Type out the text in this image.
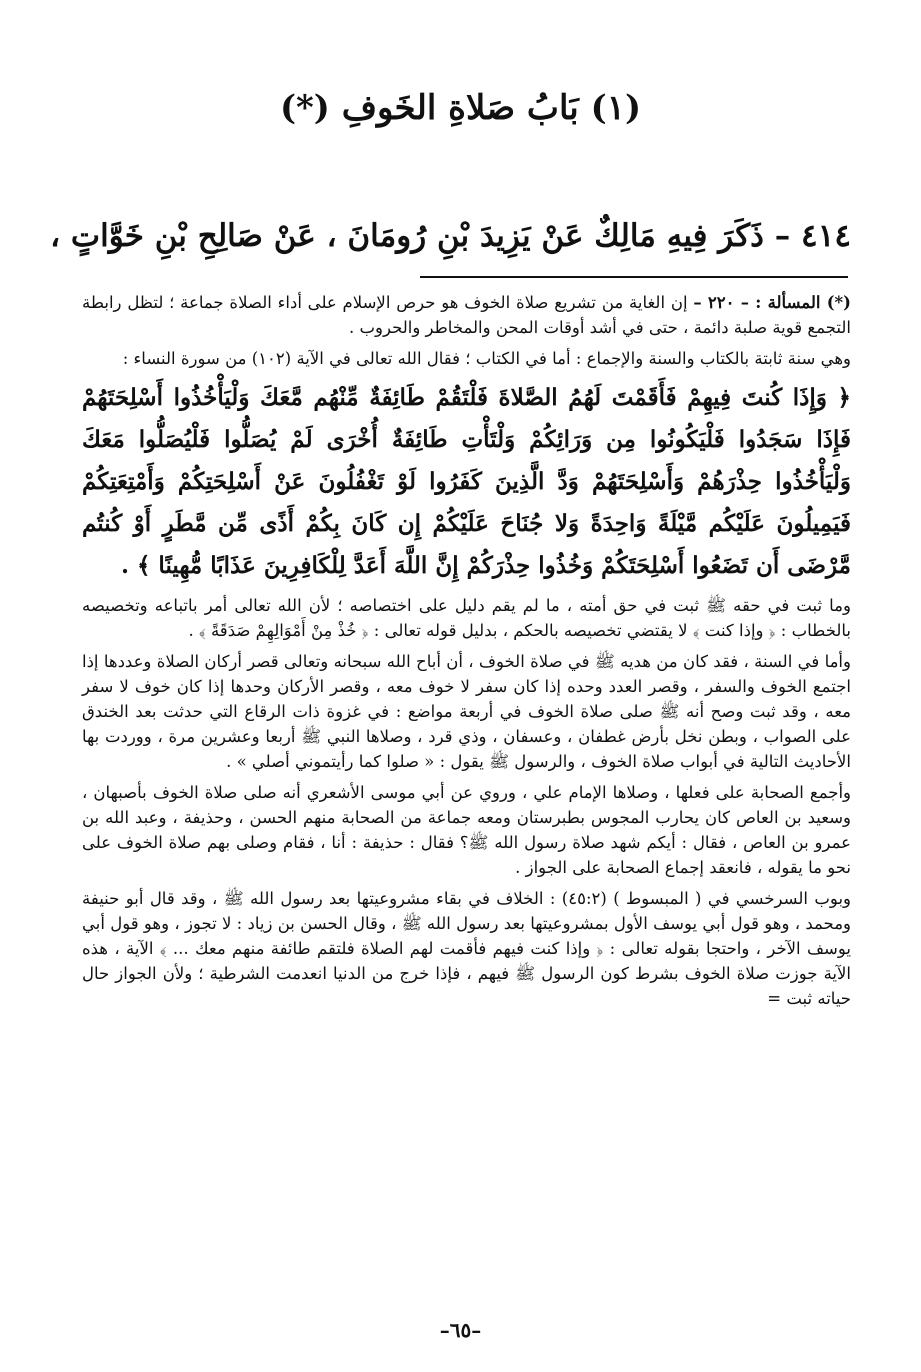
(١) بَابُ صَلاةِ الخَوفِ (*)
٤١٤ – ذَكَرَ فِيهِ مَالِكٌ عَنْ يَزِيدَ بْنِ رُومَانَ ، عَنْ صَالِحِ بْنِ خَوَّاتٍ ،

(*) المسألة : – ٢٢٠ – إن الغاية من تشريع صلاة الخوف هو حرص الإسلام على أداء الصلاة جماعة ؛ لتظل رابطة التجمع قوية صلبة دائمة ، حتى في أشد أوقات المحن والمخاطر والحروب .

وهي سنة ثابتة بالكتاب والسنة والإجماع : أما في الكتاب ؛ فقال الله تعالى في الآية (١٠٢) من سورة النساء :

﴿ وَإِذَا كُنتَ فِيهِمْ فَأَقَمْتَ لَهُمُ الصَّلاةَ فَلْتَقُمْ طَائِفَةٌ مِّنْهُم مَّعَكَ وَلْيَأْخُذُوا أَسْلِحَتَهُمْ فَإِذَا سَجَدُوا فَلْيَكُونُوا مِن وَرَائِكُمْ وَلْتَأْتِ طَائِفَةٌ أُخْرَى لَمْ يُصَلُّوا فَلْيُصَلُّوا مَعَكَ وَلْيَأْخُذُوا حِذْرَهُمْ وَأَسْلِحَتَهُمْ وَدَّ الَّذِينَ كَفَرُوا لَوْ تَغْفُلُونَ عَنْ أَسْلِحَتِكُمْ وَأَمْتِعَتِكُمْ فَيَمِيلُونَ عَلَيْكُم مَّيْلَةً وَاحِدَةً وَلا جُنَاحَ عَلَيْكُمْ إِن كَانَ بِكُمْ أَذًى مِّن مَّطَرٍ أَوْ كُنتُم مَّرْضَى أَن تَضَعُوا أَسْلِحَتَكُمْ وَخُذُوا حِذْرَكُمْ إِنَّ اللَّهَ أَعَدَّ لِلْكَافِرِينَ عَذَابًا مُّهِينًا ﴾ .

وما ثبت في حقه ﷺ ثبت في حق أمته ، ما لم يقم دليل على اختصاصه ؛ لأن الله تعالى أمر باتباعه وتخصيصه بالخطاب : ﴿ وإذا كنت ﴾ لا يقتضي تخصيصه بالحكم ، بدليل قوله تعالى : ﴿ خُذْ مِنْ أَمْوَالِهِمْ صَدَقَةً ﴾ .

وأما في السنة ، فقد كان من هديه ﷺ في صلاة الخوف ، أن أباح الله سبحانه وتعالى قصر أركان الصلاة وعددها إذا اجتمع الخوف والسفر ، وقصر العدد وحده إذا كان سفر لا خوف معه ، وقصر الأركان وحدها إذا كان خوف لا سفر معه ، وقد ثبت وصح أنه ﷺ صلى صلاة الخوف في أربعة مواضع : في غزوة ذات الرقاع التي حدثت بعد الخندق على الصواب ، وبطن نخل بأرض غطفان ، وعسفان ، وذي قرد ، وصلاها النبي ﷺ أربعا وعشرين مرة ، ووردت بها الأحاديث التالية في أبواب صلاة الخوف ، والرسول ﷺ يقول : « صلوا كما رأيتموني أصلي » .

وأجمع الصحابة على فعلها ، وصلاها الإمام علي ، وروي عن أبي موسى الأشعري أنه صلى صلاة الخوف بأصبهان ، وسعيد بن العاص كان يحارب المجوس بطبرستان ومعه جماعة من الصحابة منهم الحسن ، وحذيفة ، وعبد الله بن عمرو بن العاص ، فقال : أيكم شهد صلاة رسول الله ﷺ؟ فقال : حذيفة : أنا ، فقام وصلى بهم صلاة الخوف على نحو ما يقوله ، فانعقد إجماع الصحابة على الجواز .

وبوب السرخسي في ( المبسوط ) (٤٥:٢) : الخلاف في بقاء مشروعيتها بعد رسول الله ﷺ ، وقد قال أبو حنيفة ومحمد ، وهو قول أبي يوسف الأول بمشروعيتها بعد رسول الله ﷺ ، وقال الحسن بن زياد : لا تجوز ، وهو قول أبي يوسف الآخر ، واحتجا بقوله تعالى : ﴿ وإذا كنت فيهم فأقمت لهم الصلاة فلتقم طائفة منهم معك ... ﴾ الآية ، هذه الآية جوزت صلاة الخوف بشرط كون الرسول ﷺ فيهم ، فإذا خرج من الدنيا انعدمت الشرطية ؛ ولأن الجواز حال حياته ثبت =

–٦٥–
